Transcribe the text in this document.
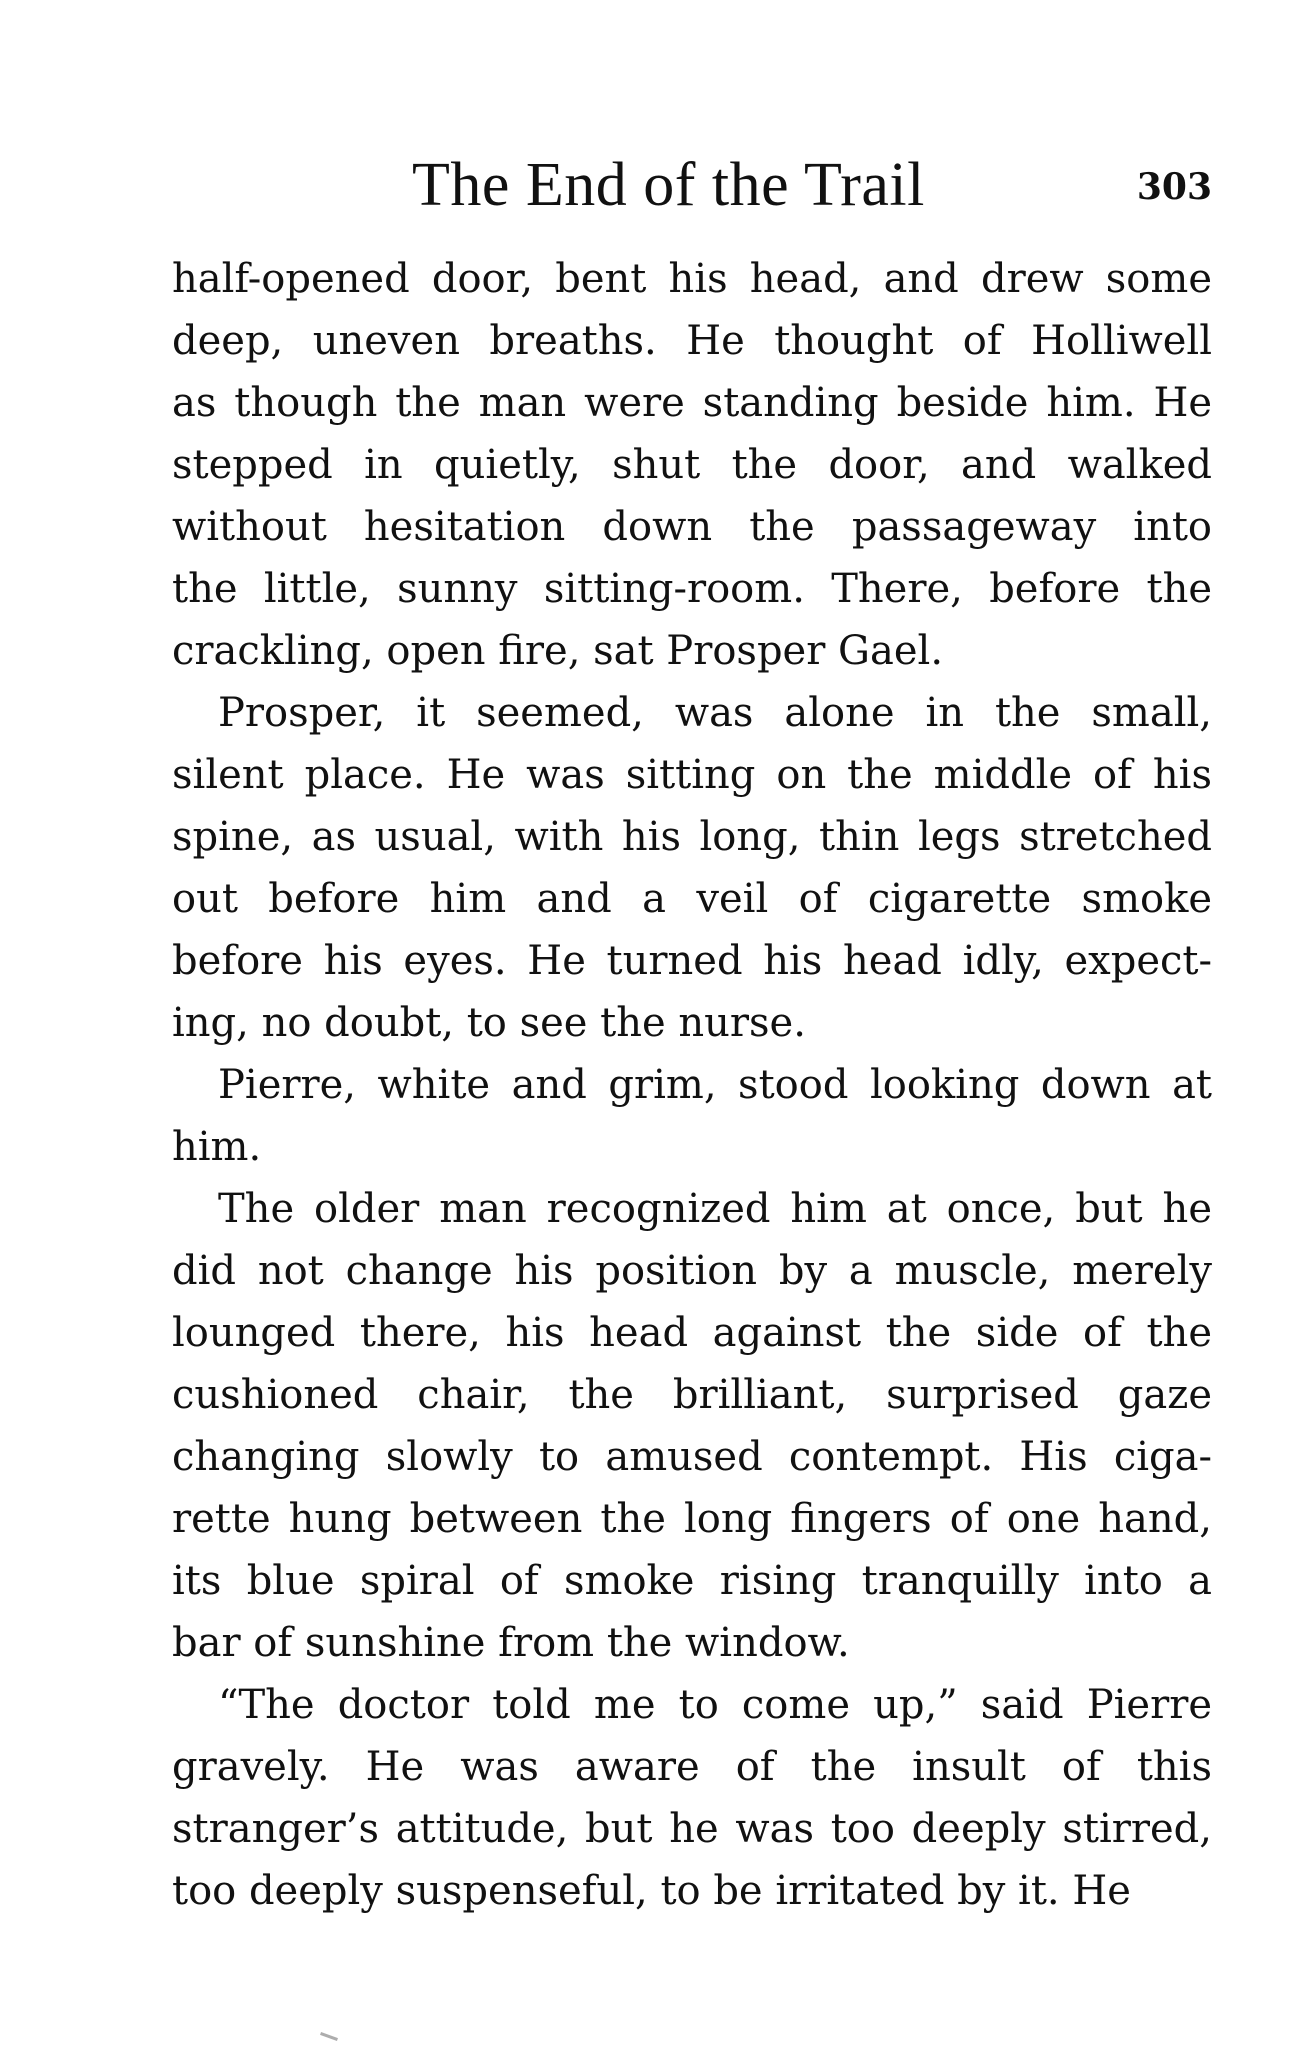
The End of the Trail	303
half-opened door, bent his head, and drew some
deep, uneven breaths. He thought of Holliwell
as though the man were standing beside him. He
stepped in quietly, shut the door, and walked
without hesitation down the passageway into
the little, sunny sitting-room. There, before the
crackling, open fire, sat Prosper Gael.
Prosper, it seemed, was alone in the small,
silent place. He was sitting on the middle of his
spine, as usual, with his long, thin legs stretched
out before him and a veil of cigarette smoke
before his eyes. He turned his head idly, expect-
ing, no doubt, to see the nurse.
Pierre, white and grim, stood looking down at
him.
The older man recognized him at once, but he
did not change his position by a muscle, merely
lounged there, his head against the side of the
cushioned chair, the brilliant, surprised gaze
changing slowly to amused contempt. His ciga-
rette hung between the long fingers of one hand,
its blue spiral of smoke rising tranquilly into a
bar of sunshine from the window.
“The doctor told me to come up,” said Pierre
gravely. He was aware of the insult of this
stranger’s attitude, but he was too deeply stirred,
too deeply suspenseful, to be irritated by it. He
